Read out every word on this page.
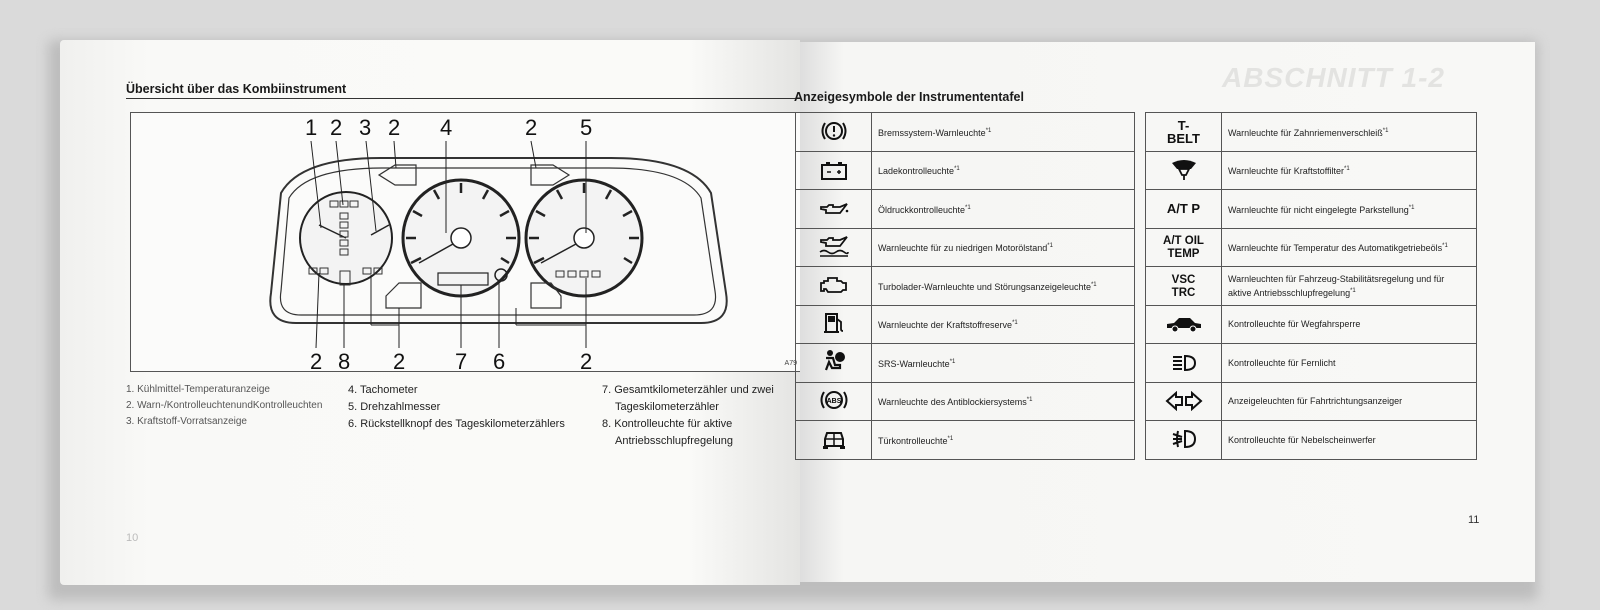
Übersicht über das Kombiinstrument
1 2 3 2 4	2 5
2 8 2 7 6	2	A79
1. Kühlmittel-Temperaturanzeige
2. Warn-/KontrolleuchtenundKontrolleuchten
3. Kraftstoff-Vorratsanzeige
4. Tachometer
5. Drehzahlmesser
6. Rückstellknopf des Tageskilometerzählers
7. Gesamtkilometerzähler und zwei
Tageskilometerzähler
8. Kontrolleuchte für aktive
Antriebsschlupfregelung
10
ABSCHNITT 1-2
Anzeigesymbole der Instrumententafel
	Bremssystem-Warnleuchte$^{*1}$

	Ladekontrolleuchte$^{*1}$

	Öldruckkontrolleuchte$^{*1}$

	Warnleuchte für zu niedrigen Motorölstand$^{*1}$

	Turbolader-Warnleuchte und Störungsanzeigeleuchte$^{*1}$

	Warnleuchte der Kraftstoffreserve$^{*1}$

	SRS-Warnleuchte$^{*1}$

ABS	Warnleuchte des Antiblockiersystems$^{*1}$

	Türkontrolleuchte$^{*1}$
T-BELT	Warnleuchte für Zahnriemenverschleiß$^{*1}$

	Warnleuchte für Kraftstoffilter$^{*1}$

A/T P	Warnleuchte für nicht eingelegte Parkstellung$^{*1}$

A/T OIL
TEMP	Warnleuchte für Temperatur des Automatikgetriebeöls$^{*1}$

VSC
TRC	Warnleuchten für Fahrzeug-Stabilitätsregelung und für aktive Antriebsschlupfregelung$^{*1}$

	Kontrolleuchte für Wegfahrsperre

	Kontrolleuchte für Fernlicht

	Anzeigeleuchten für Fahrtrichtungsanzeiger

	Kontrolleuchte für Nebelscheinwerfer
11
